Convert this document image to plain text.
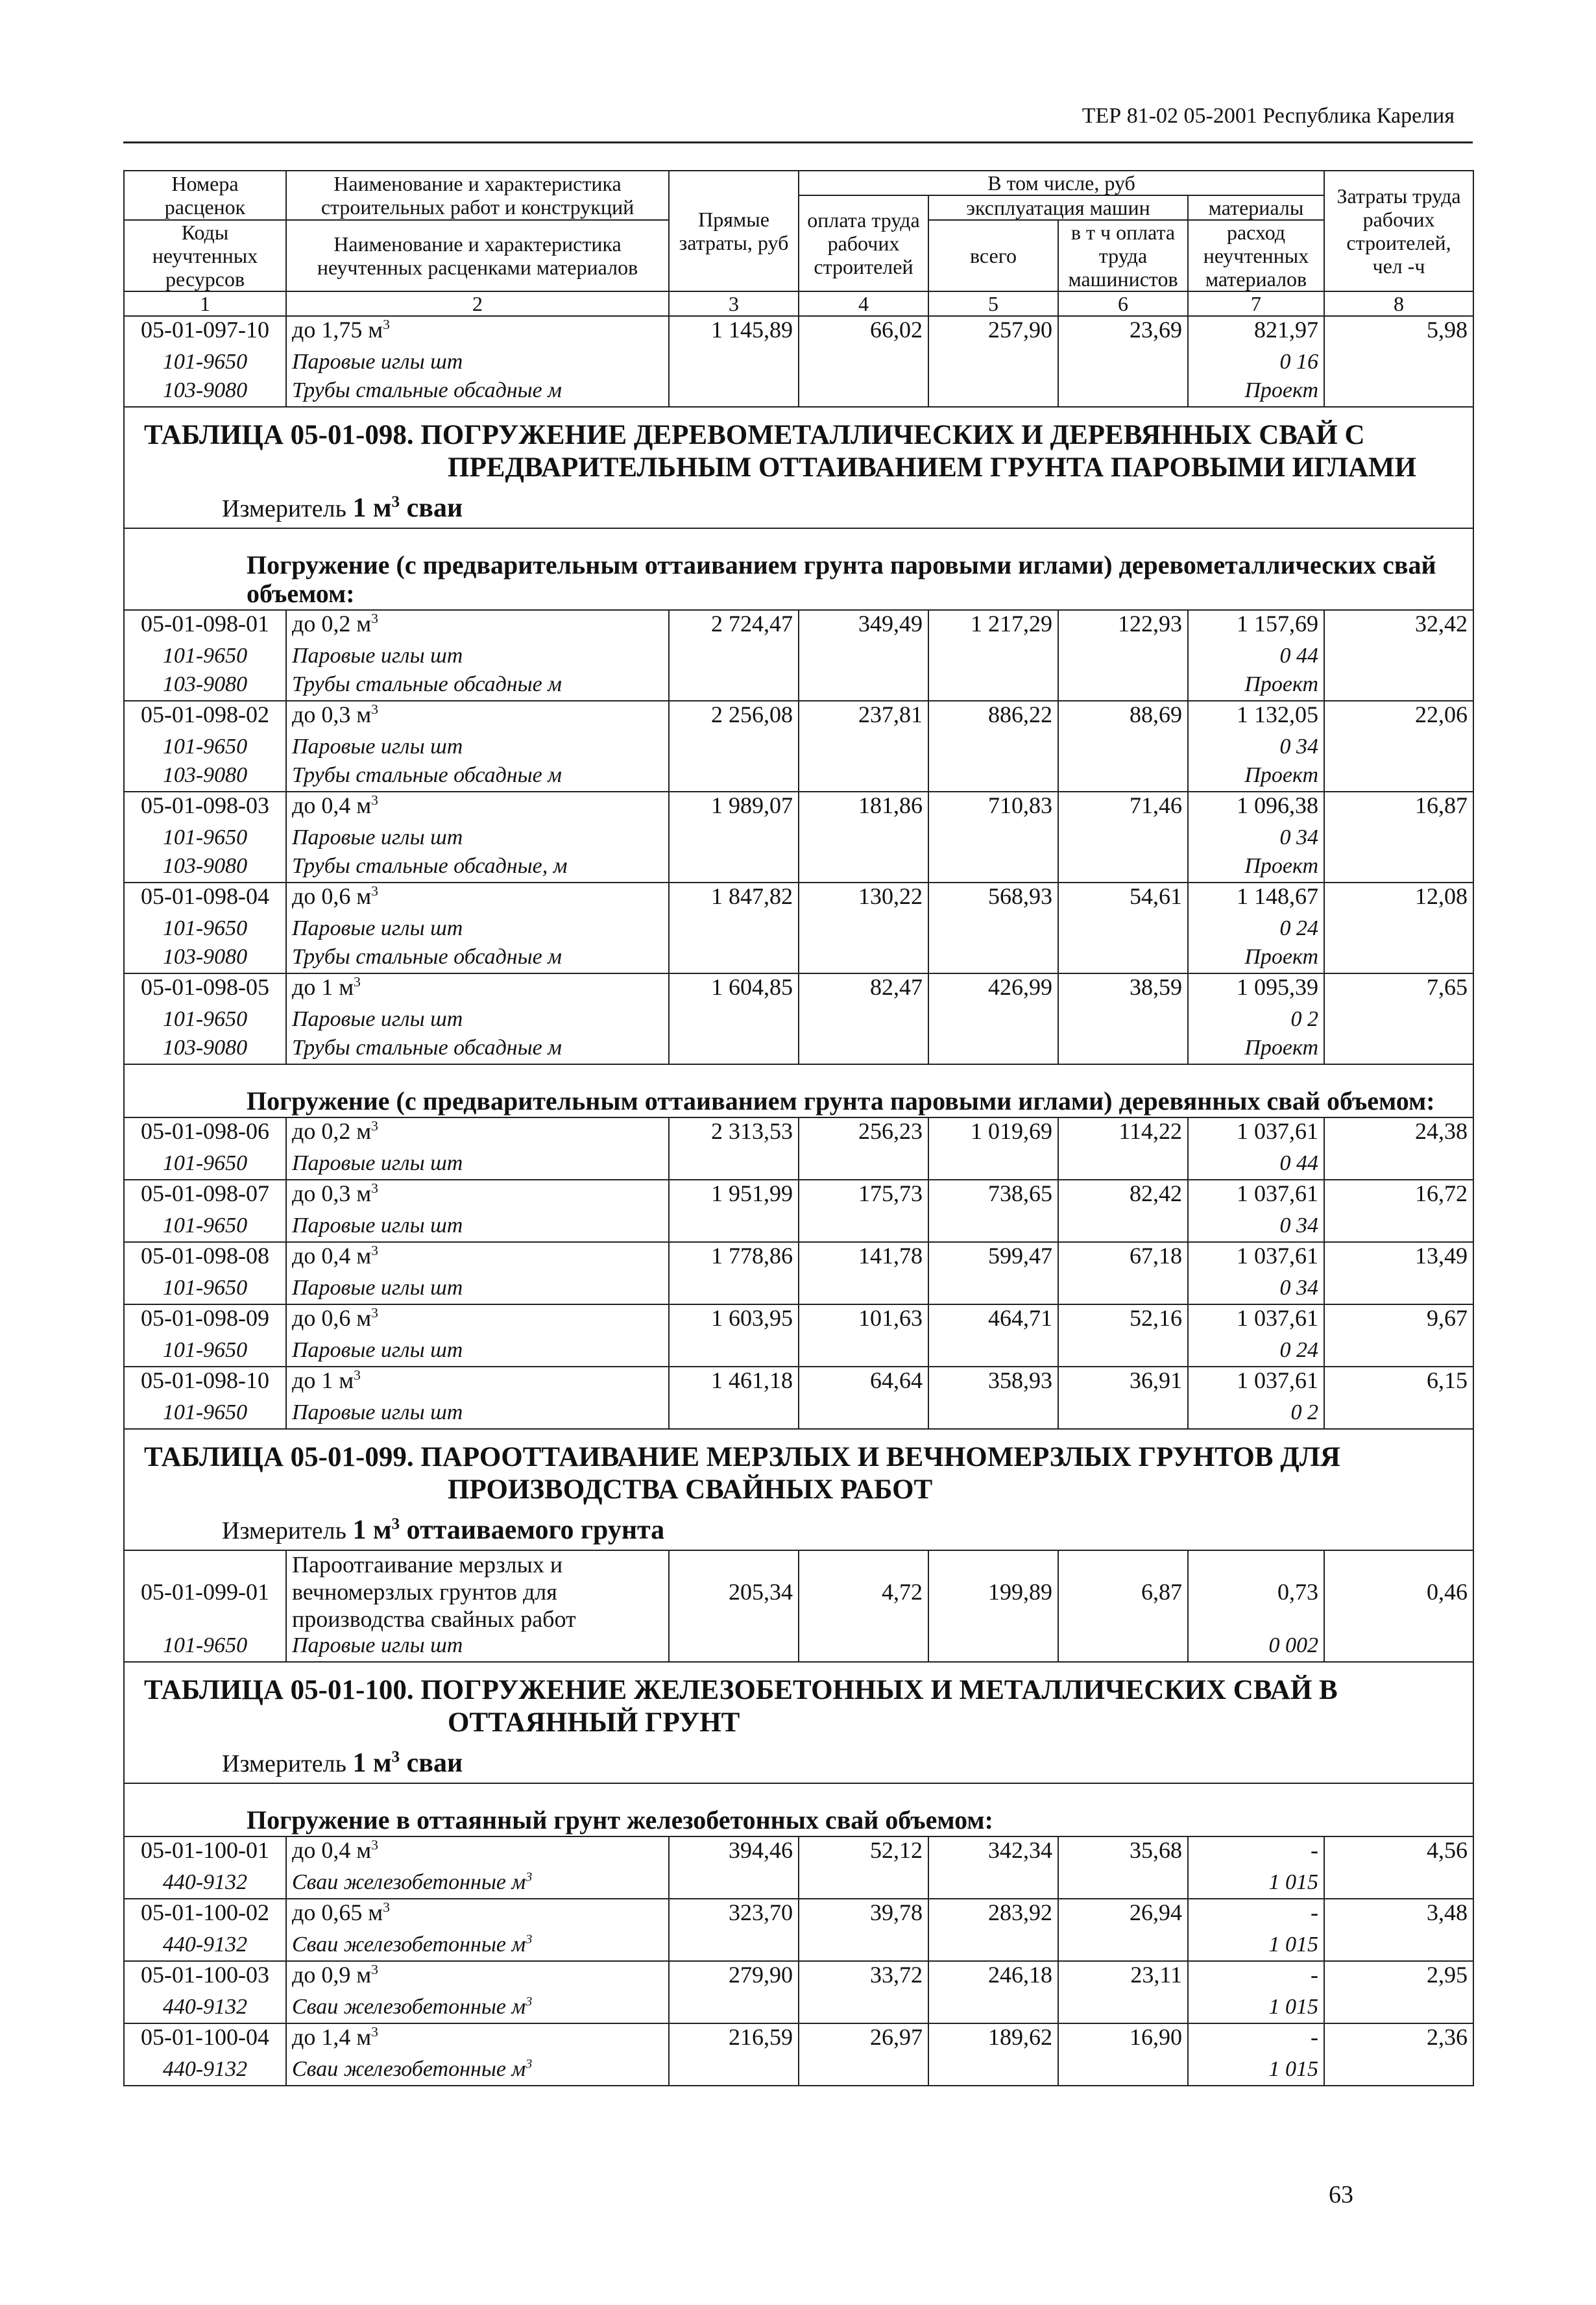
ТЕР 81-02 05-2001 Республика Карелия
Номера расценок	Наименование и характеристика строительных работ и конструкций	Прямые затраты, руб	В том числе, руб				Затраты труда рабочих строителей, чел -ч
			оплата труда рабочих строителей	эксплуатация машин		материалы	
Коды неучтенных ресурсов	Наименование и характеристика неучтенных расценками материалов			всего	в т ч оплата труда машинистов	расход неучтенных материалов	

1	2	3	4	5	6	7	8
05-01-097-10	до 1,75 $м^3$	1 145,89	66,02	257,90	23,69	821,97	5,98
101-9650	Паровые иглы шт					0 16	
103-9080	Трубы стальные обсадные м					Проект	

ТАБЛИЦА 05-01-098. ПОГРУЖЕНИЕ ДЕРЕВОМЕТАЛЛИЧЕСКИХ И ДЕРЕВЯННЫХ СВАЙ С
ПРЕДВАРИТЕЛЬНЫМ ОТТАИВАНИЕМ ГРУНТА ПАРОВЫМИ ИГЛАМИ
Измеритель 1 $м^3$ сваи							

Погружение (с предварительным оттаиванием грунта паровыми иглами) деревометаллических свай объемом:							
05-01-098-01	до 0,2 $м^3$	2 724,47	349,49	1 217,29	122,93	1 157,69	32,42
101-9650	Паровые иглы шт					0 44	
103-9080	Трубы стальные обсадные м					Проект	
05-01-098-02	до 0,3 $м^3$	2 256,08	237,81	886,22	88,69	1 132,05	22,06
101-9650	Паровые иглы шт					0 34	
103-9080	Трубы стальные обсадные м					Проект	
05-01-098-03	до 0,4 $м^3$	1 989,07	181,86	710,83	71,46	1 096,38	16,87
101-9650	Паровые иглы шт					0 34	
103-9080	Трубы стальные обсадные, м					Проект	
05-01-098-04	до 0,6 $м^3$	1 847,82	130,22	568,93	54,61	1 148,67	12,08
101-9650	Паровые иглы шт					0 24	
103-9080	Трубы стальные обсадные м					Проект	
05-01-098-05	до 1 $м^3$	1 604,85	82,47	426,99	38,59	1 095,39	7,65
101-9650	Паровые иглы шт					0 2	
103-9080	Трубы стальные обсадные м					Проект	
Погружение (с предварительным оттаиванием грунта паровыми иглами) деревянных свай объемом:							
05-01-098-06	до 0,2 $м^3$	2 313,53	256,23	1 019,69	114,22	1 037,61	24,38
101-9650	Паровые иглы шт					0 44	
05-01-098-07	до 0,3 $м^3$	1 951,99	175,73	738,65	82,42	1 037,61	16,72
101-9650	Паровые иглы шт					0 34	
05-01-098-08	до 0,4 $м^3$	1 778,86	141,78	599,47	67,18	1 037,61	13,49
101-9650	Паровые иглы шт					0 34	
05-01-098-09	до 0,6 $м^3$	1 603,95	101,63	464,71	52,16	1 037,61	9,67
101-9650	Паровые иглы шт					0 24	
05-01-098-10	до 1 $м^3$	1 461,18	64,64	358,93	36,91	1 037,61	6,15
101-9650	Паровые иглы шт					0 2	

ТАБЛИЦА 05-01-099. ПАРООТТАИВАНИЕ МЕРЗЛЫХ И ВЕЧНОМЕРЗЛЫХ ГРУНТОВ ДЛЯ
ПРОИЗВОДСТВА СВАЙНЫХ РАБОТ
Измеритель 1 $м^3$ оттаиваемого грунта							

05-01-099-01	Пароотгаивание мерзлых и вечномерзлых грунтов для производства свайных работ	205,34	4,72	199,89	6,87	0,73	0,46
101-9650	Паровые иглы шт					0 002	

ТАБЛИЦА 05-01-100. ПОГРУЖЕНИЕ ЖЕЛЕЗОБЕТОННЫХ И МЕТАЛЛИЧЕСКИХ СВАЙ В
ОТТАЯННЫЙ ГРУНТ
Измеритель 1 $м^3$ сваи							

Погружение в оттаянный грунт железобетонных свай объемом:							
05-01-100-01	до 0,4 $м^3$	394,46	52,12	342,34	35,68	-	4,56
440-9132	Сваи железобетонные $м^3$					1 015	
05-01-100-02	до 0,65 $м^3$	323,70	39,78	283,92	26,94	-	3,48
440-9132	Сваи железобетонные $м^3$					1 015	
05-01-100-03	до 0,9 $м^3$	279,90	33,72	246,18	23,11	-	2,95
440-9132	Сваи железобетонные $м^3$					1 015	
05-01-100-04	до 1,4 $м^3$	216,59	26,97	189,62	16,90	-	2,36
440-9132	Сваи железобетонные $м^3$					1 015	
63
